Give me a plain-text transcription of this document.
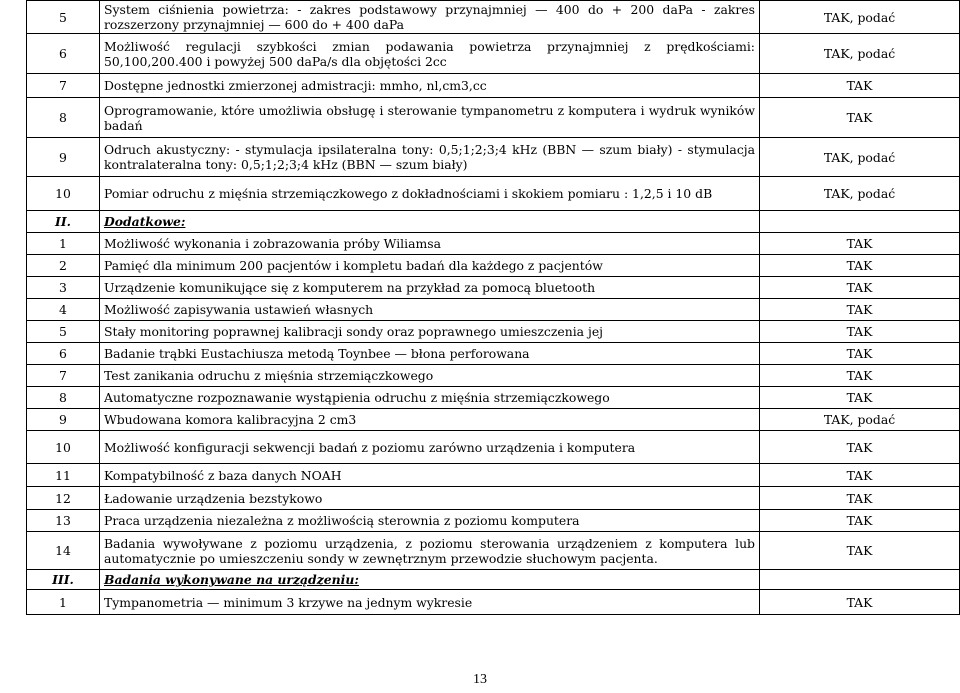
5	System ciśnienia powietrza: - zakres podstawowy przynajmniej — 400 do + 200 daPa - zakres rozszerzony przynajmniej — 600 do + 400 daPa	TAK, podać
6	Możliwość regulacji szybkości zmian podawania powietrza przynajmniej z prędkościami: 50,100,200.400 i powyżej 500 daPa/s dla objętości 2cc	TAK, podać
7	Dostępne jednostki zmierzonej admistracji: mmho, nl,cm3,cc	TAK
8	Oprogramowanie, które umożliwia obsługę i sterowanie tympanometru z komputera i wydruk wyników badań	TAK
9	Odruch akustyczny: - stymulacja ipsilateralna tony: 0,5;1;2;3;4 kHz (BBN — szum biały) - stymulacja kontralateralna tony: 0,5;1;2;3;4 kHz (BBN — szum biały)	TAK, podać
10	Pomiar odruchu z mięśnia strzemiączkowego z dokładnościami i skokiem pomiaru : 1,2,5 i 10 dB	TAK, podać
II.	Dodatkowe:	
1	Możliwość wykonania i zobrazowania próby Wiliamsa	TAK
2	Pamięć dla minimum 200 pacjentów i kompletu badań dla każdego z pacjentów	TAK
3	Urządzenie komunikujące się z komputerem na przykład za pomocą bluetooth	TAK
4	Możliwość zapisywania ustawień własnych	TAK
5	Stały monitoring poprawnej kalibracji sondy oraz poprawnego umieszczenia jej	TAK
6	Badanie trąbki Eustachiusza metodą Toynbee — błona perforowana	TAK
7	Test zanikania odruchu z mięśnia strzemiączkowego	TAK
8	Automatyczne rozpoznawanie wystąpienia odruchu z mięśnia strzemiączkowego	TAK
9	Wbudowana komora kalibracyjna 2 cm3	TAK, podać
10	Możliwość konfiguracji sekwencji badań z poziomu zarówno urządzenia i komputera	TAK
11	Kompatybilność z baza danych NOAH	TAK
12	Ładowanie urządzenia bezstykowo	TAK
13	Praca urządzenia niezależna z możliwością sterownia z poziomu komputera	TAK
14	Badania wywoływane z poziomu urządzenia, z poziomu sterowania urządzeniem z komputera lub automatycznie po umieszczeniu sondy w zewnętrznym przewodzie słuchowym pacjenta.	TAK
III.	Badania wykonywane na urządzeniu:	
1	Tympanometria — minimum 3 krzywe na jednym wykresie	TAK
13
